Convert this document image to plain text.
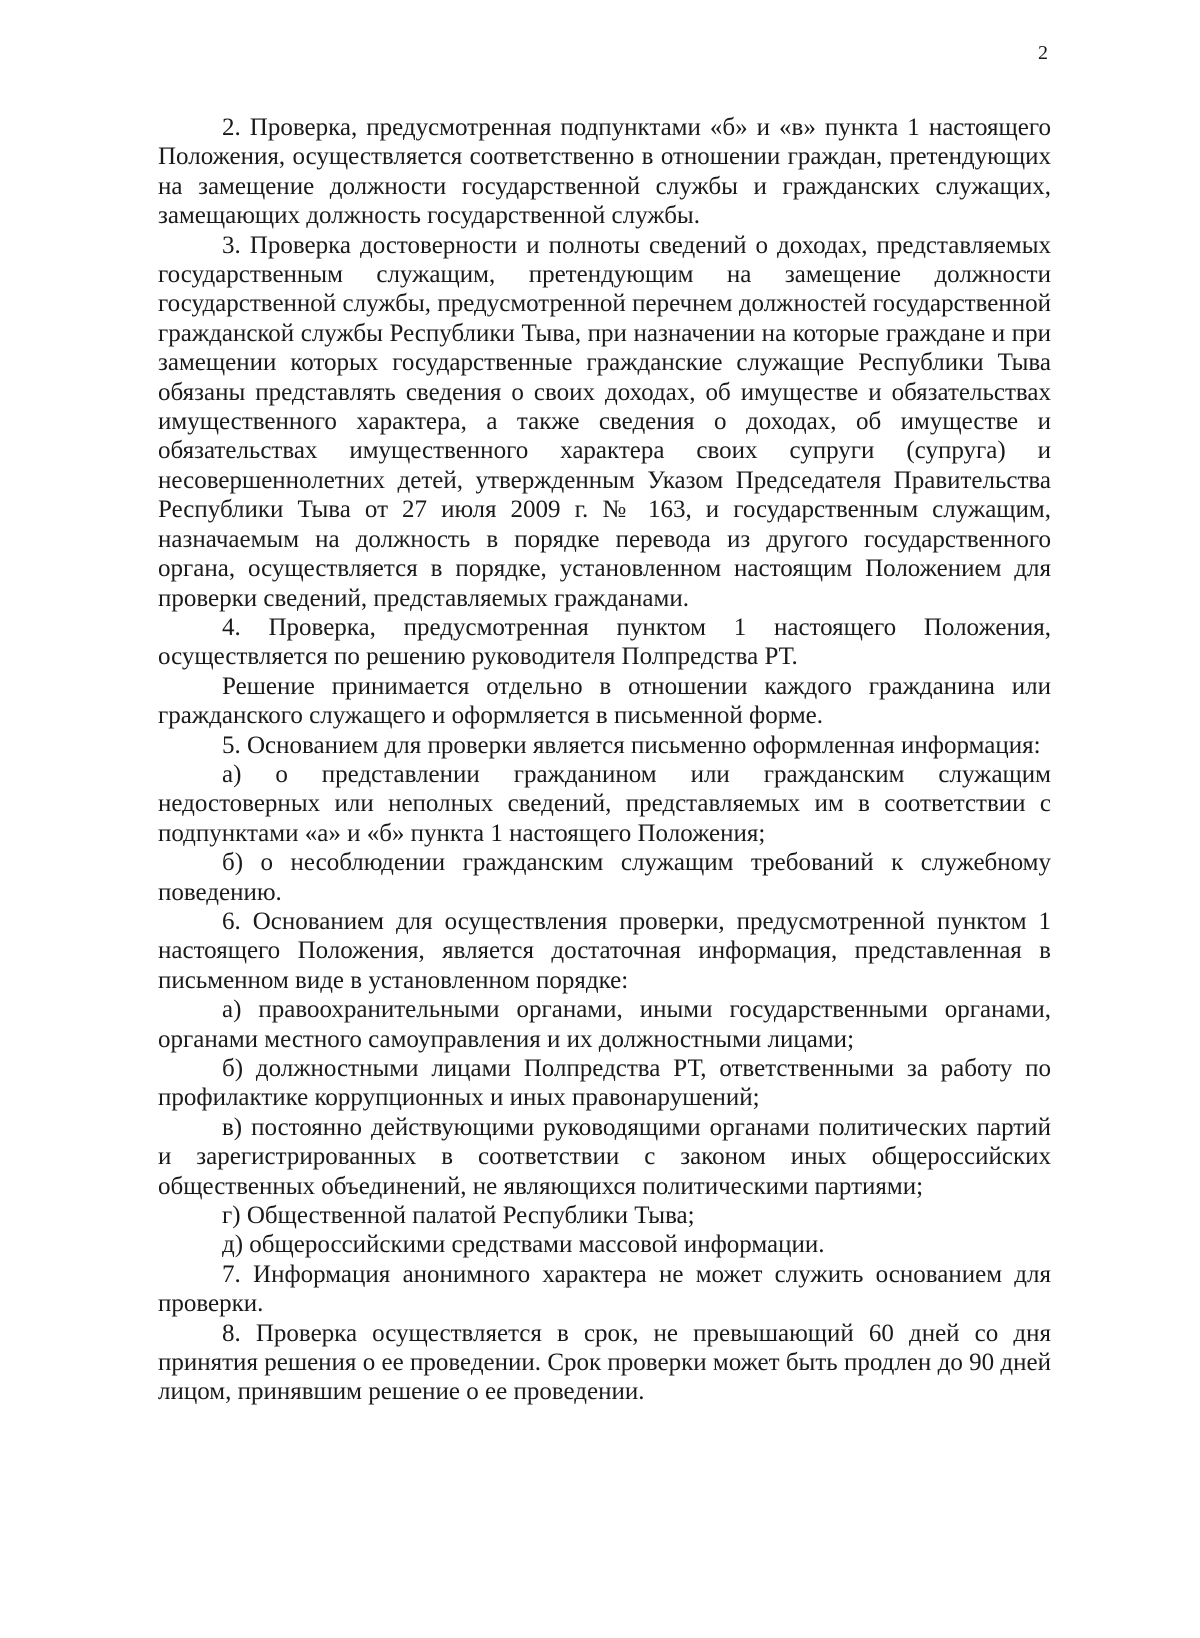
2

2. Проверка, предусмотренная подпунктами «б» и «в» пункта 1 настоящего Положения, осуществляется соответственно в отношении граждан, претендующих на замещение должности государственной службы и гражданских служащих, замещающих должность государственной службы.

3. Проверка достоверности и полноты сведений о доходах, представляемых государственным служащим, претендующим на замещение должности государственной службы, предусмотренной перечнем должностей государственной гражданской службы Республики Тыва, при назначении на которые граждане и при замещении которых государственные гражданские служащие Республики Тыва обязаны представлять сведения о своих доходах, об имуществе и обязательствах имущественного характера, а также сведения о доходах, об имуществе и обязательствах имущественного характера своих супруги (супруга) и несовершеннолетних детей, утвержденным Указом Председателя Правительства Республики Тыва от 27 июля 2009 г. № 163, и государственным служащим, назначаемым на должность в порядке перевода из другого государственного органа, осуществляется в порядке, установленном настоящим Положением для проверки сведений, представляемых гражданами.

4. Проверка, предусмотренная пунктом 1 настоящего Положения, осуществляется по решению руководителя Полпредства РТ.

Решение принимается отдельно в отношении каждого гражданина или гражданского служащего и оформляется в письменной форме.

5. Основанием для проверки является письменно оформленная информация:

а) о представлении гражданином или гражданским служащим недостоверных или неполных сведений, представляемых им в соответствии с подпунктами «а» и «б» пункта 1 настоящего Положения;

б) о несоблюдении гражданским служащим требований к служебному поведению.

6. Основанием для осуществления проверки, предусмотренной пунктом 1 настоящего Положения, является достаточная информация, представленная в письменном виде в установленном порядке:

а) правоохранительными органами, иными государственными органами, органами местного самоуправления и их должностными лицами;

б) должностными лицами Полпредства РТ, ответственными за работу по профилактике коррупционных и иных правонарушений;

в) постоянно действующими руководящими органами политических партий и зарегистрированных в соответствии с законом иных общероссийских общественных объединений, не являющихся политическими партиями;

г) Общественной палатой Республики Тыва;

д) общероссийскими средствами массовой информации.

7. Информация анонимного характера не может служить основанием для проверки.

8. Проверка осуществляется в срок, не превышающий 60 дней со дня принятия решения о ее проведении. Срок проверки может быть продлен до 90 дней лицом, принявшим решение о ее проведении.
